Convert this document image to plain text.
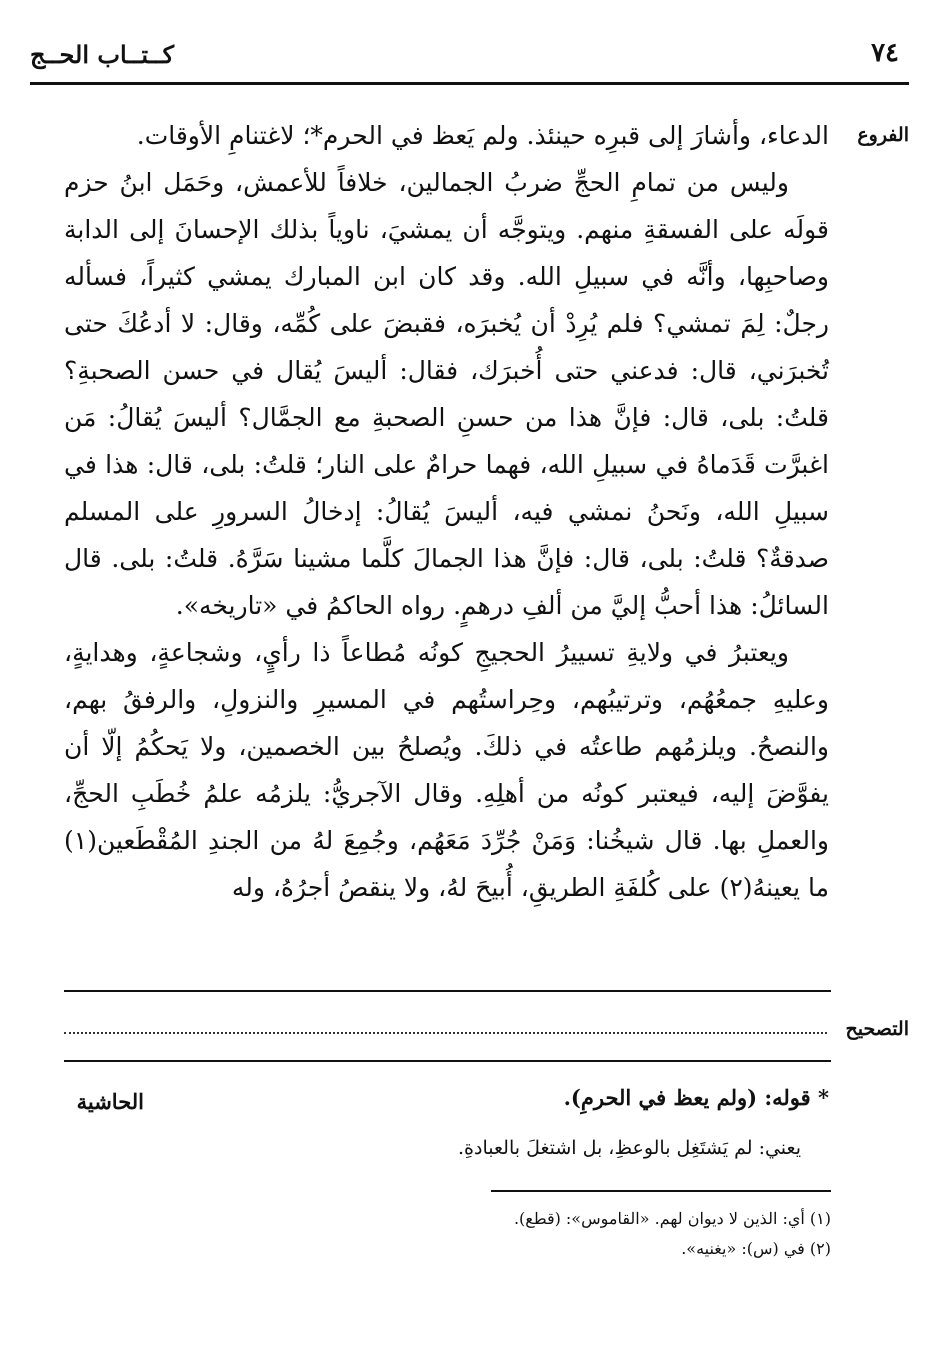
كــتــاب الحــج	٧٤
الفروع

الدعاء، وأشارَ إلى قبرِه حينئذ. ولم يَعظ في الحرم*؛ لاغتنامِ الأوقات.

وليس من تمامِ الحجِّ ضربُ الجمالين، خلافاً للأعمش، وحَمَل ابنُ حزم قولَه على الفسقةِ منهم. ويتوجَّه أن يمشيَ، ناوياً بذلك الإحسانَ إلى الدابة وصاحبِها، وأنَّه في سبيلِ الله. وقد كان ابن المبارك يمشي كثيراً، فسأله رجلٌ: لِمَ تمشي؟ فلم يُرِدْ أن يُخبرَه، فقبضَ على كُمِّه، وقال: لا أدعُكَ حتى تُخبرَني، قال: فدعني حتى أُخبرَك، فقال: أليسَ يُقال في حسن الصحبةِ؟ قلتُ: بلى، قال: فإنَّ هذا من حسنِ الصحبةِ مع الجمَّال؟ أليسَ يُقالُ: مَن اغبرَّت قَدَماهُ في سبيلِ الله، فهما حرامٌ على النار؛ قلتُ: بلى، قال: هذا في سبيلِ الله، ونَحنُ نمشي فيه، أليسَ يُقالُ: إدخالُ السرورِ على المسلم صدقةٌ؟ قلتُ: بلى، قال: فإنَّ هذا الجمالَ كلَّما مشينا سَرَّهُ. قلتُ: بلى. قال السائلُ: هذا أحبُّ إليَّ من ألفِ درهمٍ. رواه الحاكمُ في «تاريخه».

ويعتبرُ في ولايةِ تسييرُ الحجيجِ كونُه مُطاعاً ذا رأيٍ، وشجاعةٍ، وهدايةٍ، وعليهِ جمعُهُم، وترتيبُهم، وحِراستُهم في المسيرِ والنزولِ، والرفقُ بهم، والنصحُ. ويلزمُهم طاعتُه في ذلكَ. ويُصلحُ بين الخصمين، ولا يَحكُمُ إلّا أن يفوَّضَ إليه، فيعتبر كونُه من أهلِهِ. وقال الآجريُّ: يلزمُه علمُ خُطَبِ الحجِّ، والعملِ بها. قال شيخُنا: وَمَنْ جُرِّدَ مَعَهُم، وجُمِعَ لهُ من الجندِ المُقْطَعين(١) ما يعينهُ(٢) على كُلفَةِ الطريقِ، أُبيحَ لهُ، ولا ينقصُ أجرُهُ، وله

التصحيح
الحاشية	* قوله: (ولم يعظ في الحرمِ).
يعني: لم يَشتَغِل بالوعظِ، بل اشتغلَ بالعبادةِ.
(١) أي: الذين لا ديوان لهم. «القاموس»: (قطع).
(٢) في (س): «يغنيه».
